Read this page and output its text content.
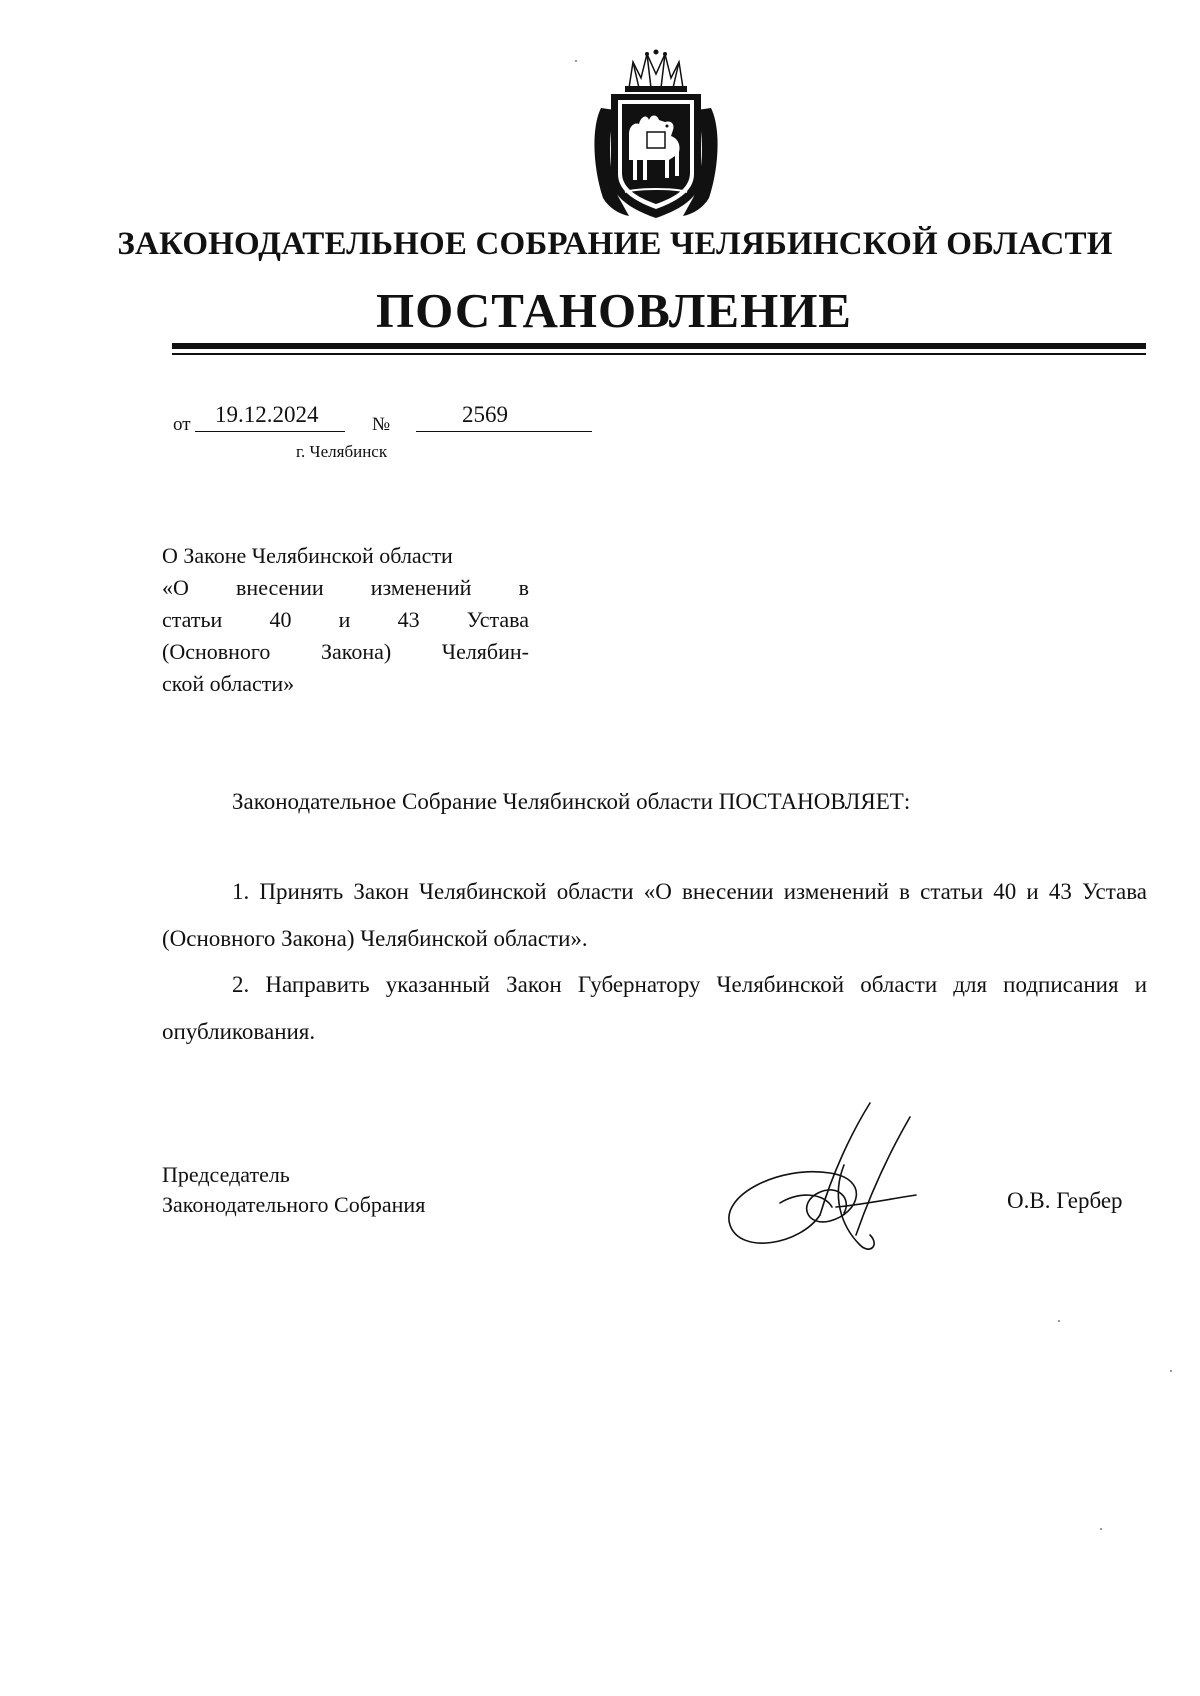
ЗАКОНОДАТЕЛЬНОЕ СОБРАНИЕ ЧЕЛЯБИНСКОЙ ОБЛАСТИ
ПОСТАНОВЛЕНИЕ
от	19.12.2024	№	2569
г. Челябинск

О Законе Челябинской области

«О внесении изменений в

статьи 40 и 43 Устава

(Основного Закона) Челябин-

ской области»

Законодательное Собрание Челябинской области ПОСТАНОВЛЯЕТ:
1. Принять Закон Челябинской области «О внесении изменений в статьи 40 и 43 Устава (Основного Закона) Челябинской области».
2. Направить указанный Закон Губернатору Челябинской области для подписания и опубликования.
Председатель
Законодательного Собрания	О.В. Гербер
